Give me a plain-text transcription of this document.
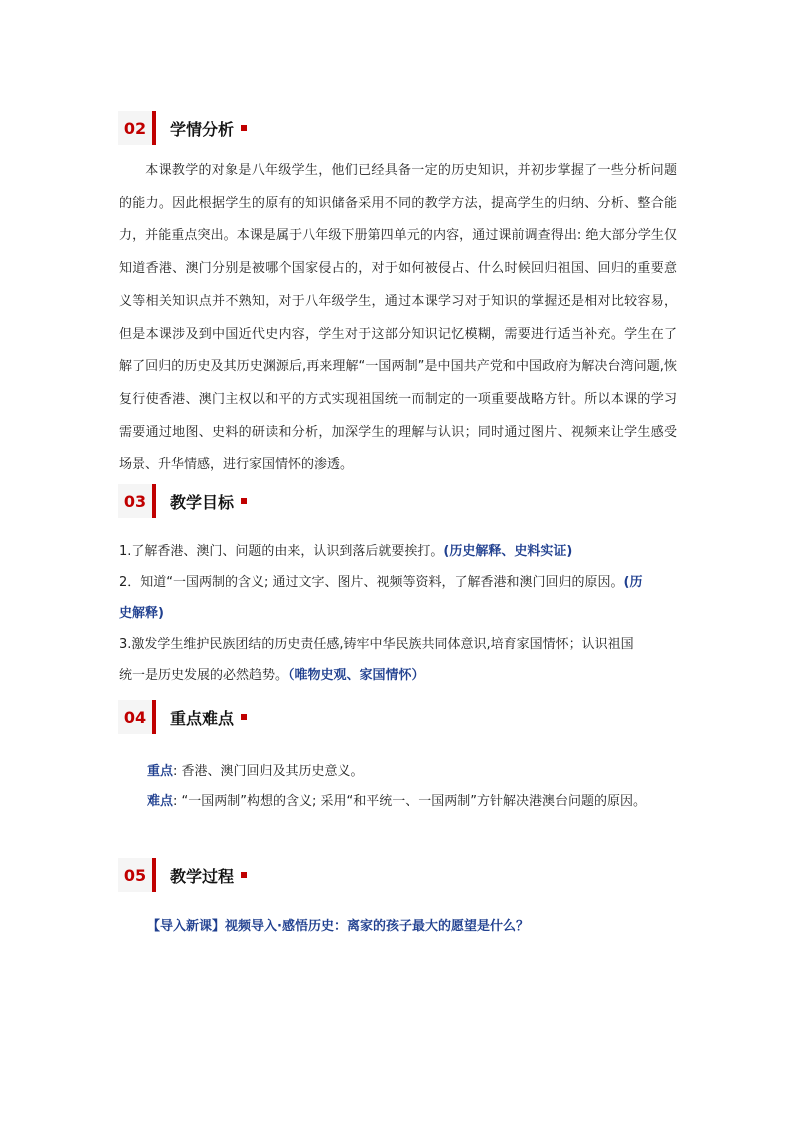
02	学情分析

本课教学的对象是八年级学生，他们已经具备一定的历史知识，并初步掌握了一些分析问题的能力。因此根据学生的原有的知识储备采用不同的教学方法，提高学生的归纳、分析、整合能力，并能重点突出。本课是属于八年级下册第四单元的内容，通过课前调查得出: 绝大部分学生仅知道香港、澳门分别是被哪个国家侵占的，对于如何被侵占、什么时候回归祖国、回归的重要意义等相关知识点并不熟知，对于八年级学生，通过本课学习对于知识的掌握还是相对比较容易，但是本课涉及到中国近代史内容，学生对于这部分知识记忆模糊，需要进行适当补充。学生在了解了回归的历史及其历史渊源后,再来理解“一国两制”是中国共产党和中国政府为解决台湾问题,恢复行使香港、澳门主权以和平的方式实现祖国统一而制定的一项重要战略方针。所以本课的学习需要通过地图、史料的研读和分析，加深学生的理解与认识；同时通过图片、视频来让学生感受场景、升华情感，进行家国情怀的渗透。

03	教学目标

1.了解香港、澳门、问题的由来，认识到落后就要挨打。(历史解释、史料实证)

2．知道“一国两制的含义; 通过文字、图片、视频等资料，了解香港和澳门回归的原因。(历

史解释)

3.激发学生维护民族团结的历史责任感,铸牢中华民族共同体意识,培育家国情怀；认识祖国

统一是历史发展的必然趋势。（唯物史观、家国情怀）

04	重点难点

重点: 香港、澳门回归及其历史意义。

难点: “一国两制”构想的含义; 采用“和平统一、一国两制”方针解决港澳台问题的原因。

05	教学过程

【导入新课】视频导入·感悟历史：离家的孩子最大的愿望是什么？
